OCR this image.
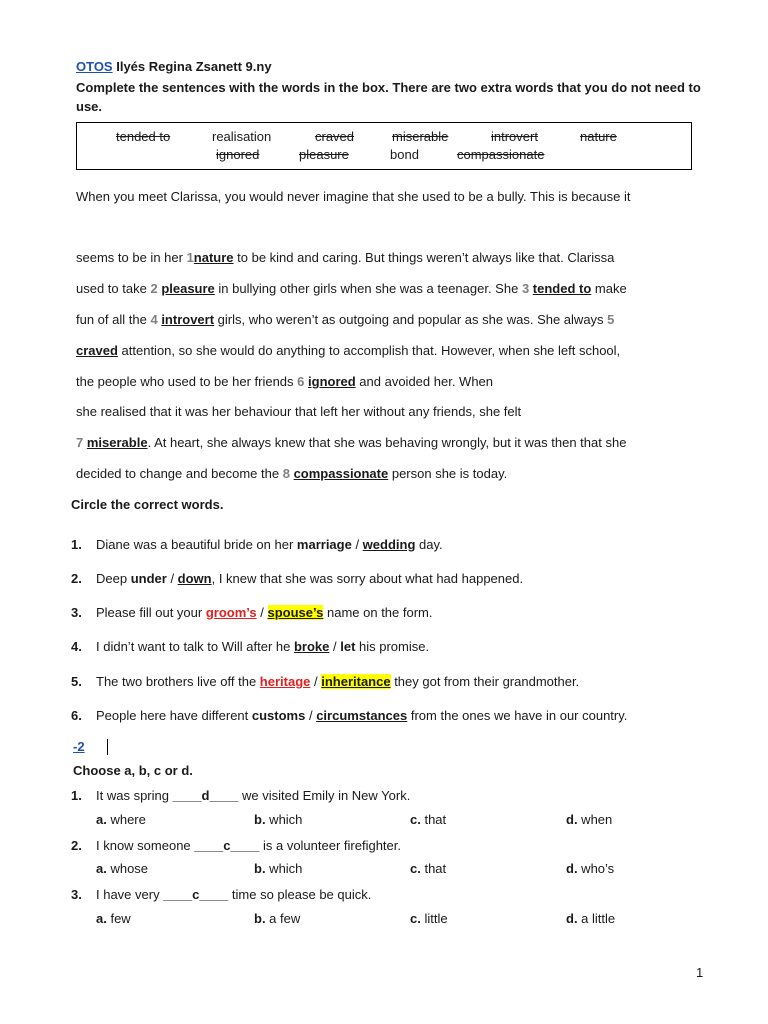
OTOS Ilyés Regina Zsanett 9.ny
Complete the sentences with the words in the box. There are two extra words that you do not need to use.
tended to	realisation	craved	miserable	introvert	nature
ignored	pleasure	bond	compassionate
When you meet Clarissa, you would never imagine that she used to be a bully. This is because it
seems to be in her 1nature to be kind and caring. But things weren’t always like that. Clarissa
used to take 2 pleasure in bullying other girls when she was a teenager. She 3 tended to make
fun of all the 4 introvert girls, who weren’t as outgoing and popular as she was. She always 5
craved attention, so she would do anything to accomplish that. However, when she left school,
the people who used to be her friends 6 ignored and avoided her. When
she realised that it was her behaviour that left her without any friends, she felt
7 miserable. At heart, she always knew that she was behaving wrongly, but it was then that she
decided to change and become the 8 compassionate person she is today.
Circle the correct words.
1. Diane was a beautiful bride on her marriage / wedding day.
2. Deep under / down, I knew that she was sorry about what had happened.
3. Please fill out your groom’s / spouse’s name on the form.
4. I didn’t want to talk to Will after he broke / let his promise.
5. The two brothers live off the heritage / inheritance they got from their grandmother.
6. People here have different customs / circumstances from the ones we have in our country.
-2
Choose a, b, c or d.
1. It was spring ____d____ we visited Emily in New York.
a. where	b. which	c. that	d. when
2. I know someone ____c____ is a volunteer firefighter.
a. whose	b. which	c. that	d. who’s
3. I have very ____c____ time so please be quick.
a. few	b. a few	c. little	d. a little
1
